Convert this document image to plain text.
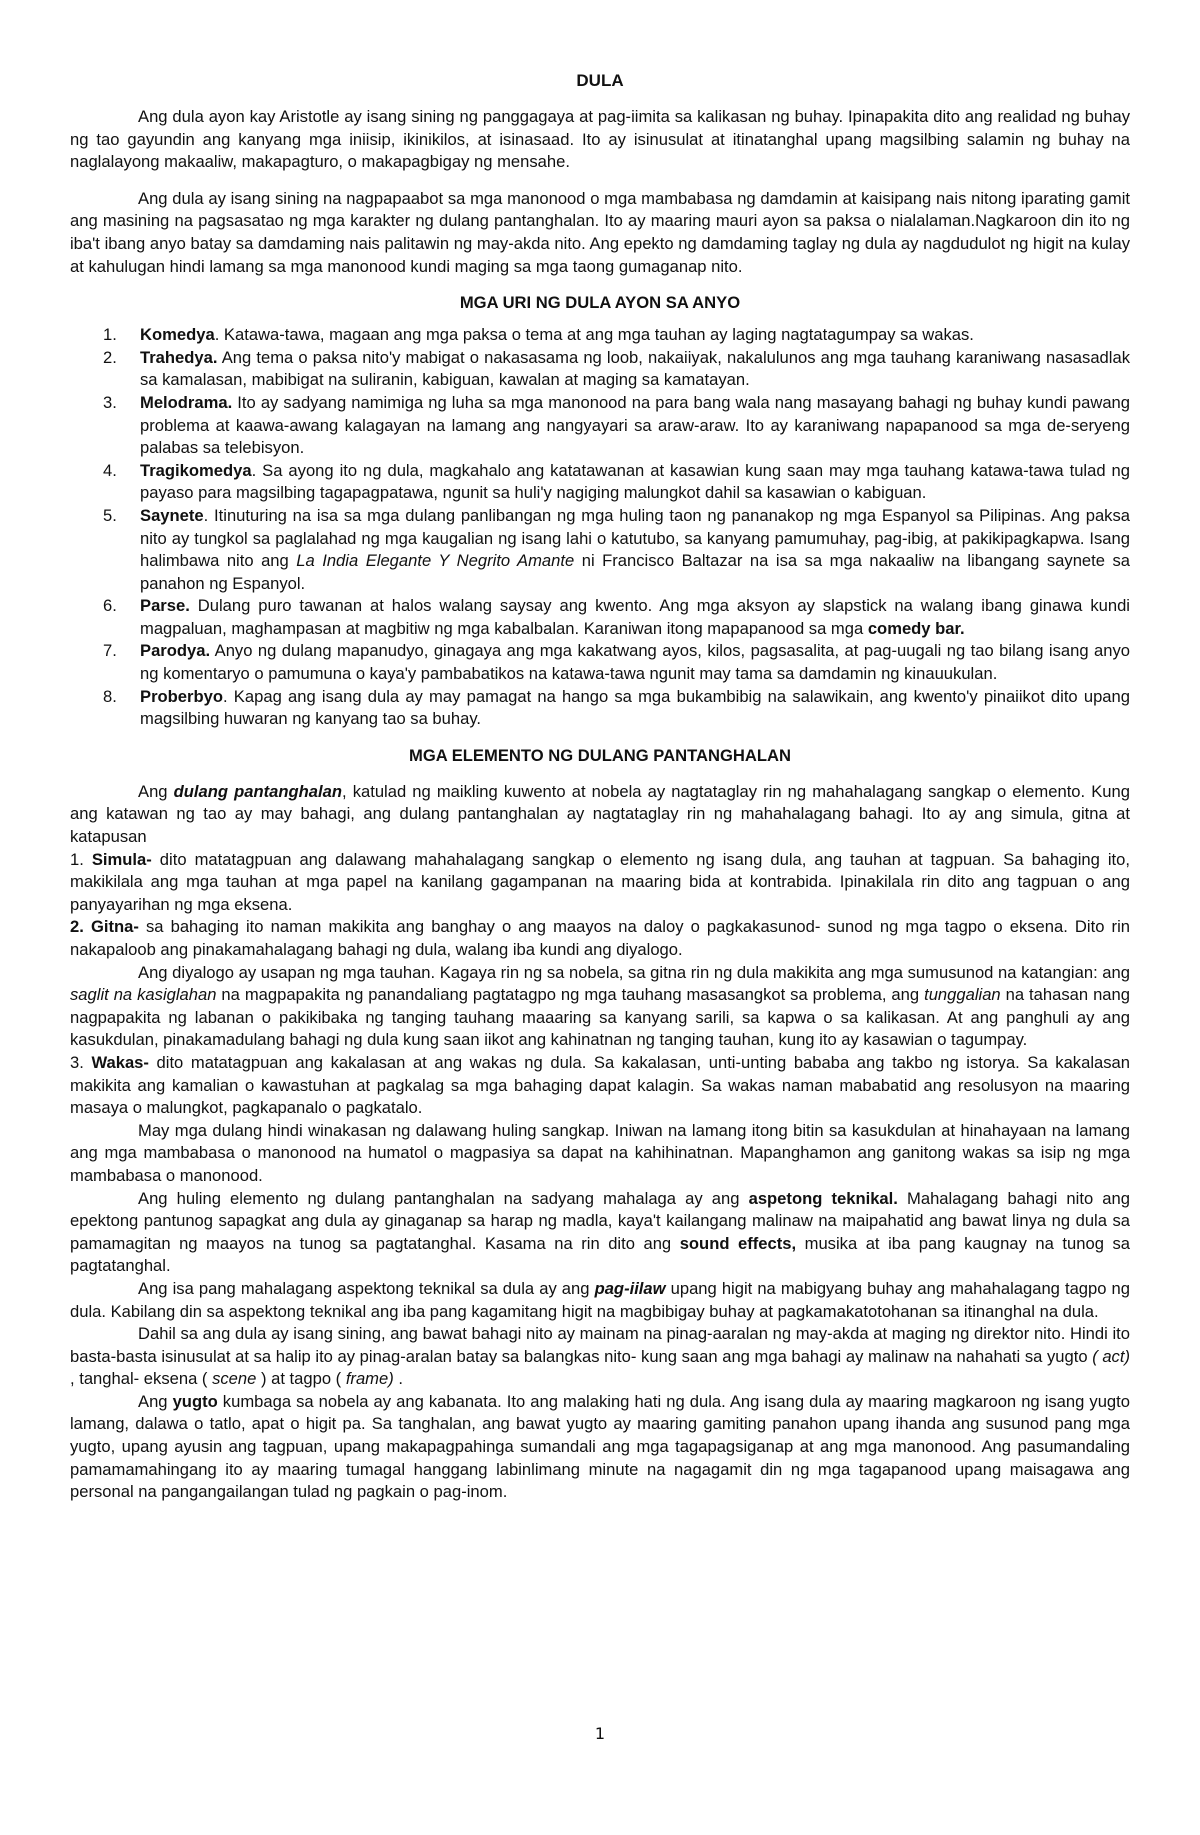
DULA

Ang dula ayon kay Aristotle ay isang sining ng panggagaya at pag-iimita sa kalikasan ng buhay. Ipinapakita dito ang realidad ng buhay ng tao gayundin ang kanyang mga iniisip, ikinikilos, at isinasaad. Ito ay isinusulat at itinatanghal upang magsilbing salamin ng buhay na naglalayong makaaliw, makapagturo, o makapagbigay ng mensahe.

Ang dula ay isang sining na nagpapaabot sa mga manonood o mga mambabasa ng damdamin at kaisipang nais nitong iparating gamit ang masining na pagsasatao ng mga karakter ng dulang pantanghalan. Ito ay maaring mauri ayon sa paksa o nialalaman.Nagkaroon din ito ng iba't ibang anyo batay sa damdaming nais palitawin ng may-akda nito. Ang epekto ng damdaming taglay ng dula ay nagdudulot ng higit na kulay at kahulugan hindi lamang sa mga manonood kundi maging sa mga taong gumaganap nito.

MGA URI NG DULA AYON SA ANYO
1. Komedya. Katawa-tawa, magaan ang mga paksa o tema at ang mga tauhan ay laging nagtatagumpay sa wakas.
2. Trahedya. Ang tema o paksa nito'y mabigat o nakasasama ng loob, nakaiiyak, nakalulunos ang mga tauhang karaniwang nasasadlak sa kamalasan, mabibigat na suliranin, kabiguan, kawalan at maging sa kamatayan.
3. Melodrama. Ito ay sadyang namimiga ng luha sa mga manonood na para bang wala nang masayang bahagi ng buhay kundi pawang problema at kaawa-awang kalagayan na lamang ang nangyayari sa araw-araw. Ito ay karaniwang napapanood sa mga de-seryeng palabas sa telebisyon.
4. Tragikomedya. Sa ayong ito ng dula, magkahalo ang katatawanan at kasawian kung saan may mga tauhang katawa-tawa tulad ng payaso para magsilbing tagapagpatawa, ngunit sa huli'y nagiging malungkot dahil sa kasawian o kabiguan.
5. Saynete. Itinuturing na isa sa mga dulang panlibangan ng mga huling taon ng pananakop ng mga Espanyol sa Pilipinas. Ang paksa nito ay tungkol sa paglalahad ng mga kaugalian ng isang lahi o katutubo, sa kanyang pamumuhay, pag-ibig, at pakikipagkapwa. Isang halimbawa nito ang La India Elegante Y Negrito Amante ni Francisco Baltazar na isa sa mga nakaaliw na libangang saynete sa panahon ng Espanyol.
6. Parse. Dulang puro tawanan at halos walang saysay ang kwento. Ang mga aksyon ay slapstick na walang ibang ginawa kundi magpaluan, maghampasan at magbitiw ng mga kabalbalan. Karaniwan itong mapapanood sa mga comedy bar.
7. Parodya. Anyo ng dulang mapanudyo, ginagaya ang mga kakatwang ayos, kilos, pagsasalita, at pag-uugali ng tao bilang isang anyo ng komentaryo o pamumuna o kaya'y pambabatikos na katawa-tawa ngunit may tama sa damdamin ng kinauukulan.
8. Proberbyo. Kapag ang isang dula ay may pamagat na hango sa mga bukambibig na salawikain, ang kwento'y pinaiikot dito upang magsilbing huwaran ng kanyang tao sa buhay.
MGA ELEMENTO NG DULANG PANTANGHALAN

Ang dulang pantanghalan, katulad ng maikling kuwento at nobela ay nagtataglay rin ng mahahalagang sangkap o elemento. Kung ang katawan ng tao ay may bahagi, ang dulang pantanghalan ay nagtataglay rin ng mahahalagang bahagi. Ito ay ang simula, gitna at katapusan

1. Simula- dito matatagpuan ang dalawang mahahalagang sangkap o elemento ng isang dula, ang tauhan at tagpuan. Sa bahaging ito, makikilala ang mga tauhan at mga papel na kanilang gagampanan na maaring bida at kontrabida. Ipinakilala rin dito ang tagpuan o ang panyayarihan ng mga eksena.

2. Gitna- sa bahaging ito naman makikita ang banghay o ang maayos na daloy o pagkakasunod- sunod ng mga tagpo o eksena. Dito rin nakapaloob ang pinakamahalagang bahagi ng dula, walang iba kundi ang diyalogo.

Ang diyalogo ay usapan ng mga tauhan. Kagaya rin ng sa nobela, sa gitna rin ng dula makikita ang mga sumusunod na katangian: ang saglit na kasiglahan na magpapakita ng panandaliang pagtatagpo ng mga tauhang masasangkot sa problema, ang tunggalian na tahasan nang nagpapakita ng labanan o pakikibaka ng tanging tauhang maaaring sa kanyang sarili, sa kapwa o sa kalikasan. At ang panghuli ay ang kasukdulan, pinakamadulang bahagi ng dula kung saan iikot ang kahinatnan ng tanging tauhan, kung ito ay kasawian o tagumpay.

3. Wakas- dito matatagpuan ang kakalasan at ang wakas ng dula. Sa kakalasan, unti-unting bababa ang takbo ng istorya. Sa kakalasan makikita ang kamalian o kawastuhan at pagkalag sa mga bahaging dapat kalagin. Sa wakas naman mababatid ang resolusyon na maaring masaya o malungkot, pagkapanalo o pagkatalo.

May mga dulang hindi winakasan ng dalawang huling sangkap. Iniwan na lamang itong bitin sa kasukdulan at hinahayaan na lamang ang mga mambabasa o manonood na humatol o magpasiya sa dapat na kahihinatnan. Mapanghamon ang ganitong wakas sa isip ng mga mambabasa o manonood.

Ang huling elemento ng dulang pantanghalan na sadyang mahalaga ay ang aspetong teknikal. Mahalagang bahagi nito ang epektong pantunog sapagkat ang dula ay ginaganap sa harap ng madla, kaya't kailangang malinaw na maipahatid ang bawat linya ng dula sa pamamagitan ng maayos na tunog sa pagtatanghal. Kasama na rin dito ang sound effects, musika at iba pang kaugnay na tunog sa pagtatanghal.

Ang isa pang mahalagang aspektong teknikal sa dula ay ang pag-iilaw upang higit na mabigyang buhay ang mahahalagang tagpo ng dula. Kabilang din sa aspektong teknikal ang iba pang kagamitang higit na magbibigay buhay at pagkamakatotohanan sa itinanghal na dula.

Dahil sa ang dula ay isang sining, ang bawat bahagi nito ay mainam na pinag-aaralan ng may-akda at maging ng direktor nito. Hindi ito basta-basta isinusulat at sa halip ito ay pinag-aralan batay sa balangkas nito- kung saan ang mga bahagi ay malinaw na nahahati sa yugto ( act) , tanghal- eksena ( scene ) at tagpo ( frame) .

Ang yugto kumbaga sa nobela ay ang kabanata. Ito ang malaking hati ng dula. Ang isang dula ay maaring magkaroon ng isang yugto lamang, dalawa o tatlo, apat o higit pa. Sa tanghalan, ang bawat yugto ay maaring gamiting panahon upang ihanda ang susunod pang mga yugto, upang ayusin ang tagpuan, upang makapagpahinga sumandali ang mga tagapagsiganap at ang mga manonood. Ang pasumandaling pamamamahingang ito ay maaring tumagal hanggang labinlimang minute na nagagamit din ng mga tagapanood upang maisagawa ang personal na pangangailangan tulad ng pagkain o pag-inom.

1
